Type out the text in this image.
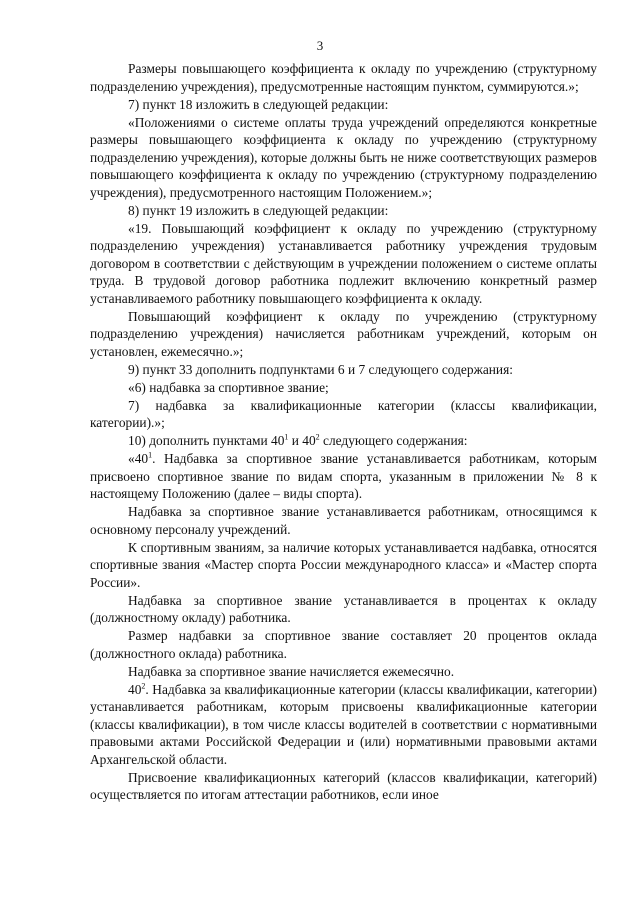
3

Размеры повышающего коэффициента к окладу по учреждению (структурному подразделению учреждения), предусмотренные настоящим пунктом, суммируются.»;

7) пункт 18 изложить в следующей редакции:

«Положениями о системе оплаты труда учреждений определяются конкретные размеры повышающего коэффициента к окладу по учреждению (структурному подразделению учреждения), которые должны быть не ниже соответствующих размеров повышающего коэффициента к окладу по учреждению (структурному подразделению учреждения), предусмотренного настоящим Положением.»;

8) пункт 19 изложить в следующей редакции:

«19. Повышающий коэффициент к окладу по учреждению (структурному подразделению учреждения) устанавливается работнику учреждения трудовым договором в соответствии с действующим в учреждении положением о системе оплаты труда. В трудовой договор работника подлежит включению конкретный размер устанавливаемого работнику повышающего коэффициента к окладу.

Повышающий коэффициент к окладу по учреждению (структурному подразделению учреждения) начисляется работникам учреждений, которым он установлен, ежемесячно.»;

9) пункт 33 дополнить подпунктами 6 и 7 следующего содержания:

«6) надбавка за спортивное звание;

7) надбавка за квалификационные категории (классы квалификации, категории).»;

10) дополнить пунктами $40^1$ и $40^2$ следующего содержания:

«$40^1$. Надбавка за спортивное звание устанавливается работникам, которым присвоено спортивное звание по видам спорта, указанным в приложении № 8 к настоящему Положению (далее – виды спорта).

Надбавка за спортивное звание устанавливается работникам, относящимся к основному персоналу учреждений.

К спортивным званиям, за наличие которых устанавливается надбавка, относятся спортивные звания «Мастер спорта России международного класса» и «Мастер спорта России».

Надбавка за спортивное звание устанавливается в процентах к окладу (должностному окладу) работника.

Размер надбавки за спортивное звание составляет 20 процентов оклада (должностного оклада) работника.

Надбавка за спортивное звание начисляется ежемесячно.

$40^2$. Надбавка за квалификационные категории (классы квалификации, категории) устанавливается работникам, которым присвоены квалификационные категории (классы квалификации), в том числе классы водителей в соответствии с нормативными правовыми актами Российской Федерации и (или) нормативными правовыми актами Архангельской области.

Присвоение квалификационных категорий (классов квалификации, категорий) осуществляется по итогам аттестации работников, если иное
